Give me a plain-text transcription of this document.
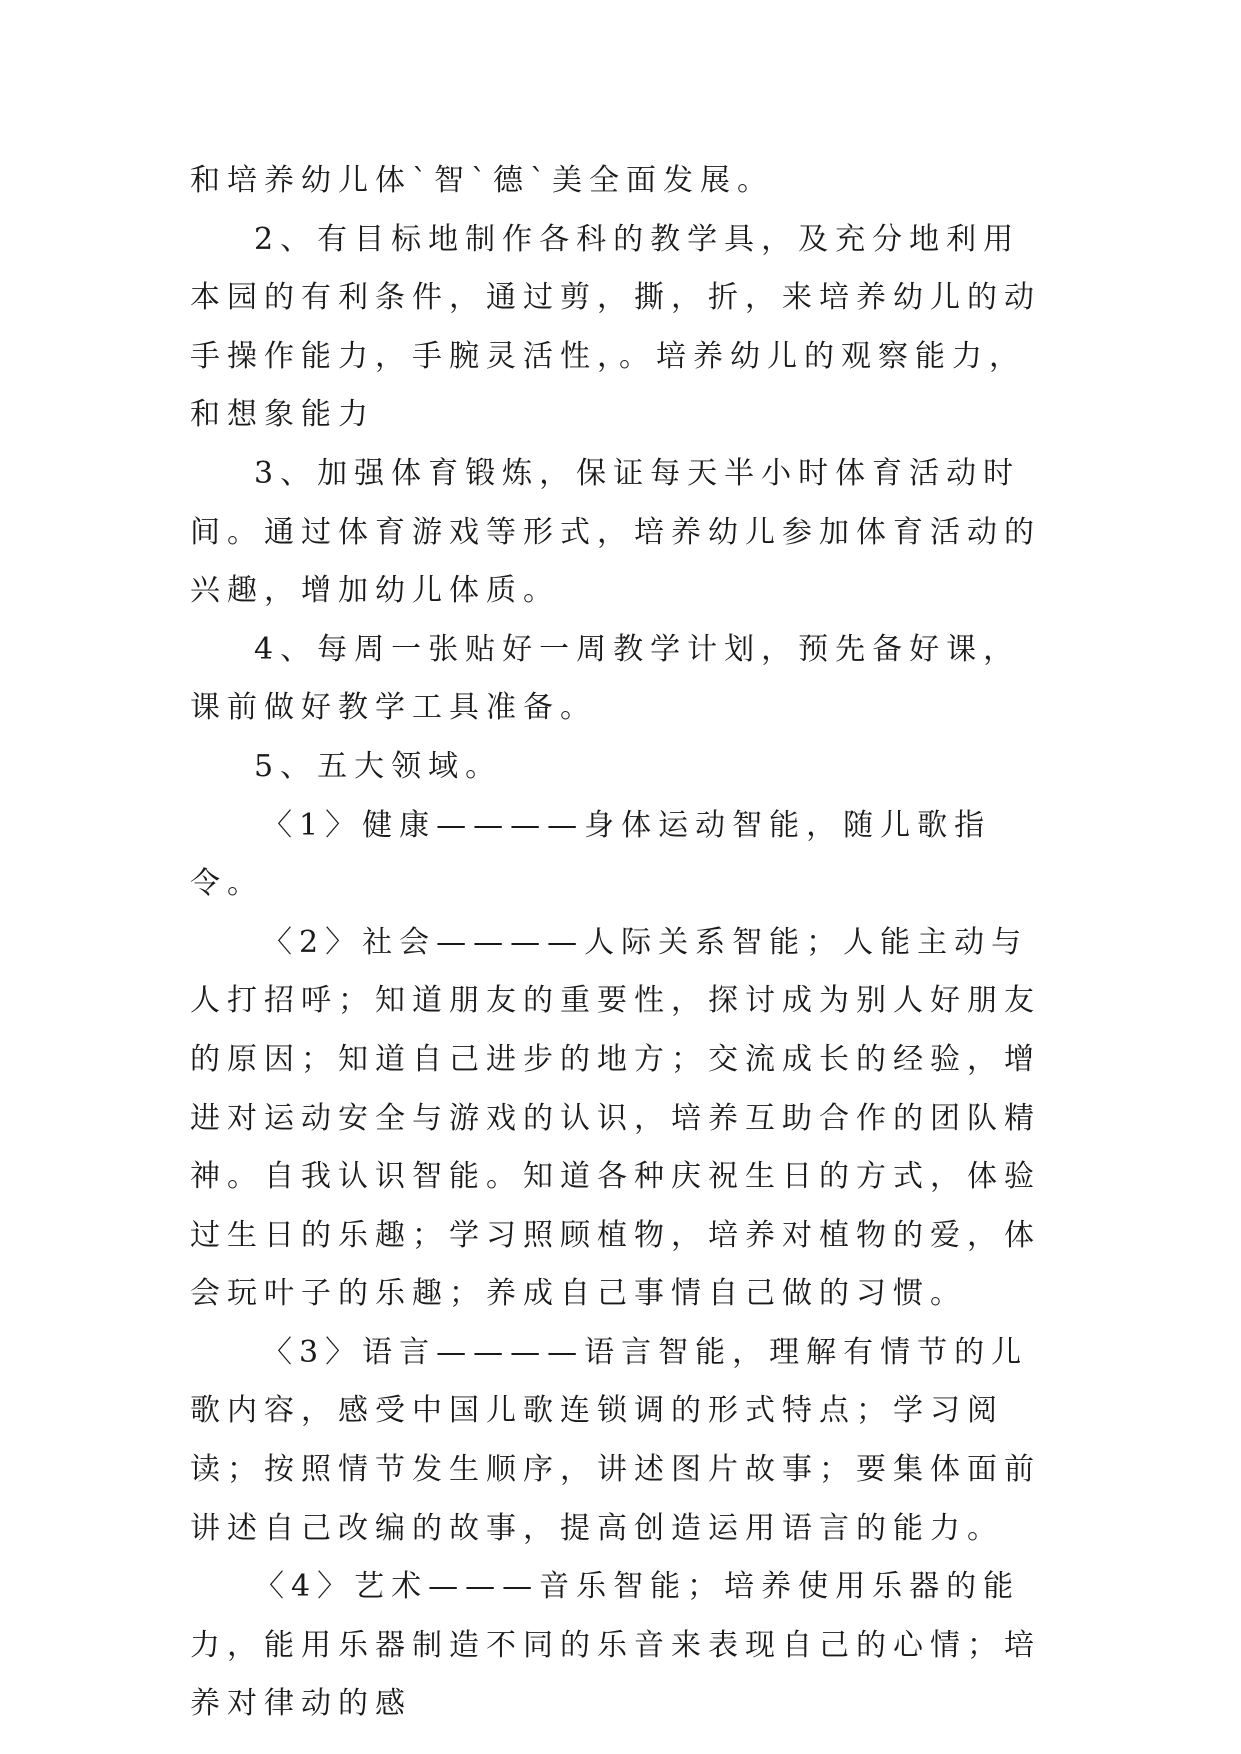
和培养幼儿体`智`德`美全面发展。

2、有目标地制作各科的教学具，及充分地利用本园的有利条件，通过剪，撕，折，来培养幼儿的动手操作能力，手腕灵活性，。培养幼儿的观察能力，和想象能力

3、加强体育锻炼，保证每天半小时体育活动时间。通过体育游戏等形式，培养幼儿参加体育活动的兴趣，增加幼儿体质。

4、每周一张贴好一周教学计划，预先备好课，课前做好教学工具准备。

5、五大领域。

〈1〉健康————身体运动智能，随儿歌指令。

〈2〉社会————人际关系智能；人能主动与人打招呼；知道朋友的重要性，探讨成为别人好朋友的原因；知道自己进步的地方；交流成长的经验，增进对运动安全与游戏的认识，培养互助合作的团队精神。自我认识智能。知道各种庆祝生日的方式，体验过生日的乐趣；学习照顾植物，培养对植物的爱，体会玩叶子的乐趣；养成自己事情自己做的习惯。

〈3〉语言————语言智能，理解有情节的儿歌内容，感受中国儿歌连锁调的形式特点；学习阅读；按照情节发生顺序，讲述图片故事；要集体面前讲述自己改编的故事，提高创造运用语言的能力。

〈4〉艺术———音乐智能；培养使用乐器的能力，能用乐器制造不同的乐音来表现自己的心情；培养对律动的感
